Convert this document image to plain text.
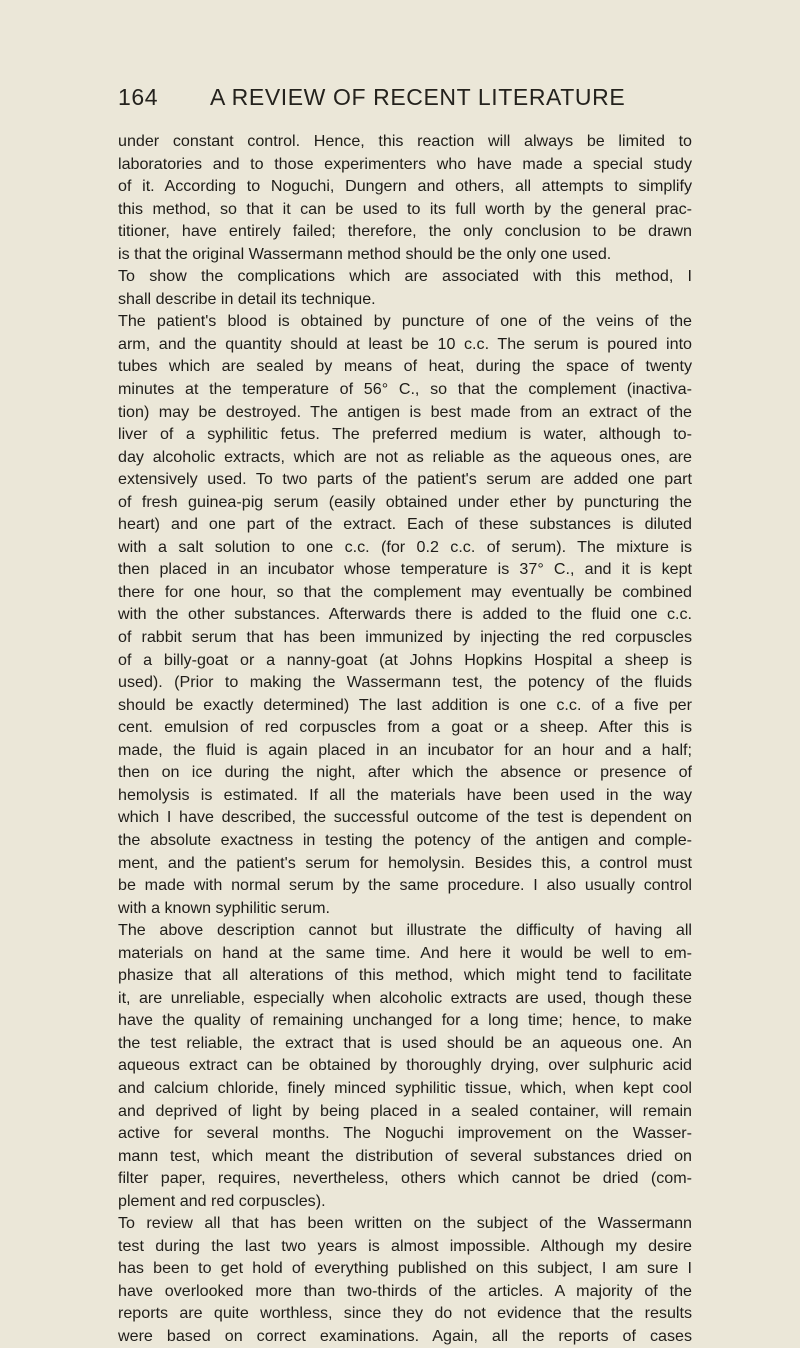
164	A REVIEW OF RECENT LITERATURE
under constant control. Hence, this reaction will always be limited to
laboratories and to those experimenters who have made a special study
of it. According to Noguchi, Dungern and others, all attempts to simplify
this method, so that it can be used to its full worth by the general prac-
titioner, have entirely failed; therefore, the only conclusion to be drawn
is that the original Wassermann method should be the only one used.
To show the complications which are associated with this method, I
shall describe in detail its technique.
The patient's blood is obtained by puncture of one of the veins of the
arm, and the quantity should at least be 10 c.c. The serum is poured into
tubes which are sealed by means of heat, during the space of twenty
minutes at the temperature of 56° C., so that the complement (inactiva-
tion) may be destroyed. The antigen is best made from an extract of the
liver of a syphilitic fetus. The preferred medium is water, although to-
day alcoholic extracts, which are not as reliable as the aqueous ones, are
extensively used. To two parts of the patient's serum are added one part
of fresh guinea-pig serum (easily obtained under ether by puncturing the
heart) and one part of the extract. Each of these substances is diluted
with a salt solution to one c.c. (for 0.2 c.c. of serum). The mixture is
then placed in an incubator whose temperature is 37° C., and it is kept
there for one hour, so that the complement may eventually be combined
with the other substances. Afterwards there is added to the fluid one c.c.
of rabbit serum that has been immunized by injecting the red corpuscles
of a billy-goat or a nanny-goat (at Johns Hopkins Hospital a sheep is
used). (Prior to making the Wassermann test, the potency of the fluids
should be exactly determined) The last addition is one c.c. of a five per
cent. emulsion of red corpuscles from a goat or a sheep. After this is
made, the fluid is again placed in an incubator for an hour and a half;
then on ice during the night, after which the absence or presence of
hemolysis is estimated. If all the materials have been used in the way
which I have described, the successful outcome of the test is dependent on
the absolute exactness in testing the potency of the antigen and comple-
ment, and the patient's serum for hemolysin. Besides this, a control must
be made with normal serum by the same procedure. I also usually control
with a known syphilitic serum.
The above description cannot but illustrate the difficulty of having all
materials on hand at the same time. And here it would be well to em-
phasize that all alterations of this method, which might tend to facilitate
it, are unreliable, especially when alcoholic extracts are used, though these
have the quality of remaining unchanged for a long time; hence, to make
the test reliable, the extract that is used should be an aqueous one. An
aqueous extract can be obtained by thoroughly drying, over sulphuric acid
and calcium chloride, finely minced syphilitic tissue, which, when kept cool
and deprived of light by being placed in a sealed container, will remain
active for several months. The Noguchi improvement on the Wasser-
mann test, which meant the distribution of several substances dried on
filter paper, requires, nevertheless, others which cannot be dried (com-
plement and red corpuscles).
To review all that has been written on the subject of the Wassermann
test during the last two years is almost impossible. Although my desire
has been to get hold of everything published on this subject, I am sure I
have overlooked more than two-thirds of the articles. A majority of the
reports are quite worthless, since they do not evidence that the results
were based on correct examinations. Again, all the reports of cases
